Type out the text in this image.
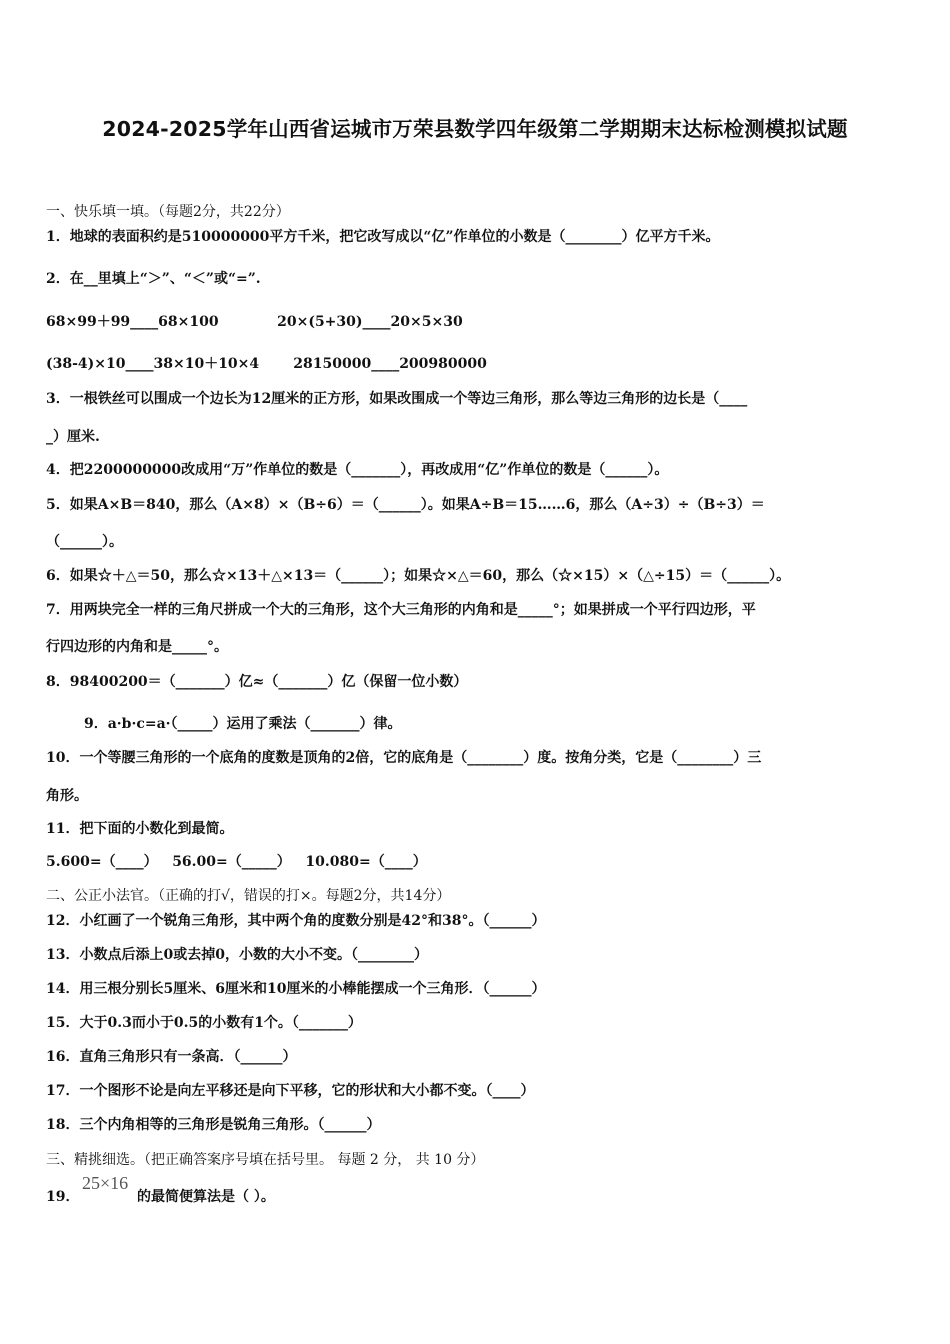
2024-2025学年山西省运城市万荣县数学四年级第二学期期末达标检测模拟试题
一、快乐填一填。（每题2分，共22分）
1．地球的表面积约是510000000平方千米，把它改写成以“亿”作单位的小数是（________）亿平方千米。
2．在__里填上“＞”、“＜”或“=”.
68×99＋99____68×100            20×(5+30)____20×5×30
(38-4)×10____38×10＋10×4       28150000____200980000
3．一根铁丝可以围成一个边长为12厘米的正方形，如果改围成一个等边三角形，那么等边三角形的边长是（____
_）厘米.
4．把2200000000改成用“万”作单位的数是（_______），再改成用“亿”作单位的数是（______）。
5．如果A×B＝840，那么（A×8）×（B÷6）＝（______）。如果A÷B＝15……6，那么（A÷3）÷（B÷3）＝
（______）。
6．如果☆＋△＝50，那么☆×13＋△×13＝（______）；如果☆×△＝60，那么（☆×15）×（△÷15）＝（______）。
7．用两块完全一样的三角尺拼成一个大的三角形，这个大三角形的内角和是_____°；如果拼成一个平行四边形，平
行四边形的内角和是_____°。
8．98400200＝（_______）亿≈（_______）亿（保留一位小数）
9．a·b·c=a·（_____）运用了乘法（_______）律。
10．一个等腰三角形的一个底角的度数是顶角的2倍，它的底角是（________）度。按角分类，它是（________）三
角形。
11．把下面的小数化到最简。
5.600=（____）   56.00=（_____）   10.080=（____）
二、公正小法官。（正确的打√，错误的打×。每题2分，共14分）
12．小红画了一个锐角三角形，其中两个角的度数分别是42°和38°。（______）
13．小数点后添上0或去掉0，小数的大小不变。（________）
14．用三根分别长5厘米、6厘米和10厘米的小棒能摆成一个三角形．（______）
15．大于0.3而小于0.5的小数有1个。（_______）
16．直角三角形只有一条高．（______）
17．一个图形不论是向左平移还是向下平移，它的形状和大小都不变。（____）
18．三个内角相等的三角形是锐角三角形。（______）
三、精挑细选。（把正确答案序号填在括号里。 每题 2 分， 共 10 分）
19．
25×16
的最简便算法是（ ）。
